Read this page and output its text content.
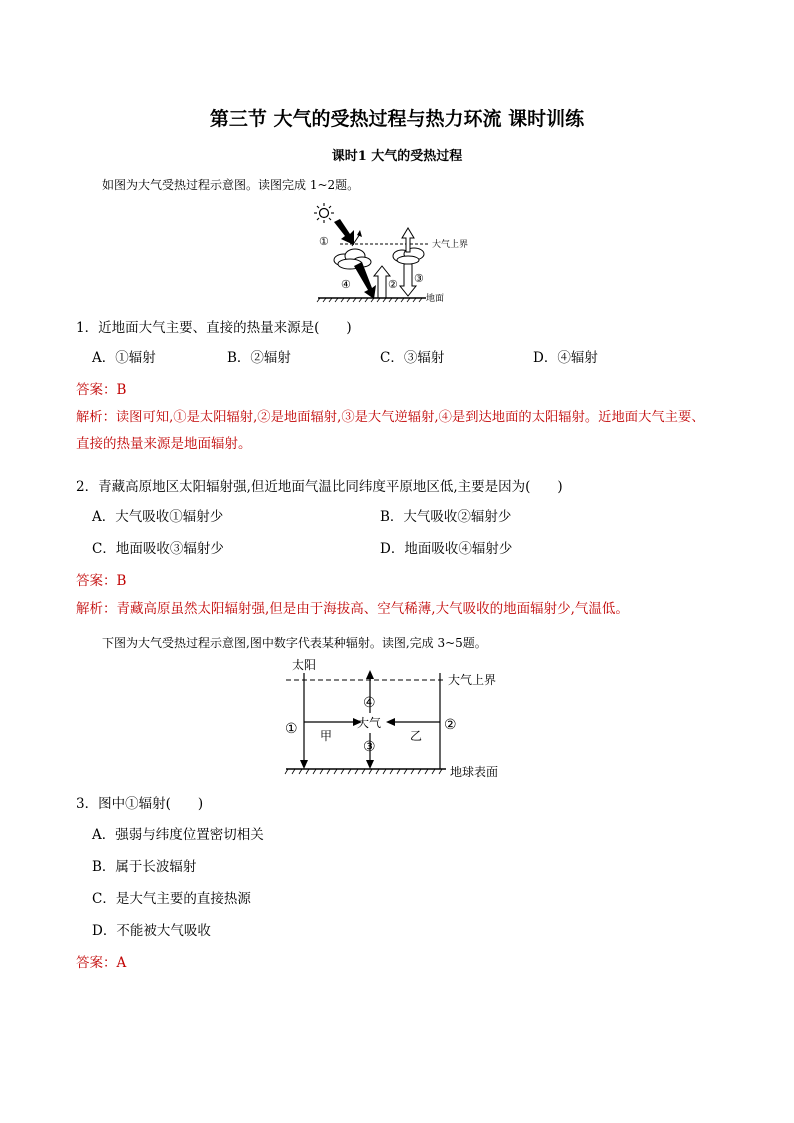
第三节 大气的受热过程与热力环流 课时训练
课时1 大气的受热过程
如图为大气受热过程示意图。读图完成 1~2题。
大气上界
①
④	② ③
地面
1．近地面大气主要、直接的热量来源是(　　)
A．①辐射	B．②辐射	C．③辐射	D．④辐射
答案：B
解析：读图可知,①是太阳辐射,②是地面辐射,③是大气逆辐射,④是到达地面的太阳辐射。近地面大气主要、
直接的热量来源是地面辐射。
2．青藏高原地区太阳辐射强,但近地面气温比同纬度平原地区低,主要是因为(　　)
A．大气吸收①辐射少	B．大气吸收②辐射少
C．地面吸收③辐射少	D．地面吸收④辐射少
答案：B
解析：青藏高原虽然太阳辐射强,但是由于海拔高、空气稀薄,大气吸收的地面辐射少,气温低。
下图为大气受热过程示意图,图中数字代表某种辐射。读图,完成 3~5题。
太阳
大气上界
① 甲
④
大气
③
②
乙
地球表面
3．图中①辐射(　　)
A．强弱与纬度位置密切相关
B．属于长波辐射
C．是大气主要的直接热源
D．不能被大气吸收
答案：A
